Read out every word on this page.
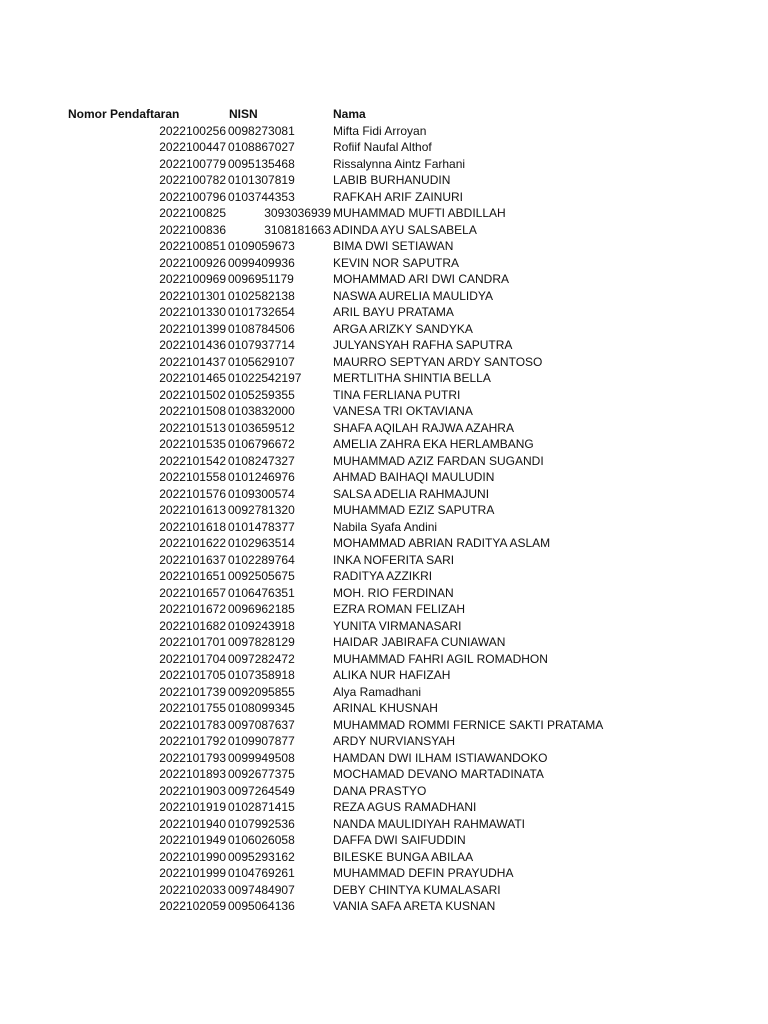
Nomor Pendaftaran	NISN	Nama
2022100256 0098273081	Mifta Fidi Arroyan
2022100447 0108867027	Rofiif Naufal Althof
2022100779 0095135468	Rissalynna Aintz Farhani
2022100782 0101307819	LABIB BURHANUDIN
2022100796 0103744353	RAFKAH ARIF ZAINURI
2022100825	3093036939 MUHAMMAD MUFTI ABDILLAH
2022100836	3108181663 ADINDA AYU SALSABELA
2022100851 0109059673	BIMA DWI SETIAWAN
2022100926 0099409936	KEVIN NOR SAPUTRA
2022100969 0096951179	MOHAMMAD ARI DWI CANDRA
2022101301 0102582138	NASWA AURELIA MAULIDYA
2022101330 0101732654	ARIL BAYU PRATAMA
2022101399 0108784506	ARGA ARIZKY SANDYKA
2022101436 0107937714	JULYANSYAH RAFHA SAPUTRA
2022101437 0105629107	MAURRO SEPTYAN ARDY SANTOSO
2022101465 01022542197	MERTLITHA SHINTIA BELLA
2022101502 0105259355	TINA FERLIANA PUTRI
2022101508 0103832000	VANESA TRI OKTAVIANA
2022101513 0103659512	SHAFA AQILAH RAJWA AZAHRA
2022101535 0106796672	AMELIA ZAHRA EKA HERLAMBANG
2022101542 0108247327	MUHAMMAD AZIZ FARDAN SUGANDI
2022101558 0101246976	AHMAD BAIHAQI MAULUDIN
2022101576 0109300574	SALSA ADELIA RAHMAJUNI
2022101613 0092781320	MUHAMMAD EZIZ SAPUTRA
2022101618 0101478377	Nabila Syafa Andini
2022101622 0102963514	MOHAMMAD ABRIAN RADITYA ASLAM
2022101637 0102289764	INKA NOFERITA SARI
2022101651 0092505675	RADITYA AZZIKRI
2022101657 0106476351	MOH. RIO FERDINAN
2022101672 0096962185	EZRA ROMAN FELIZAH
2022101682 0109243918	YUNITA VIRMANASARI
2022101701 0097828129	HAIDAR JABIRAFA CUNIAWAN
2022101704 0097282472	MUHAMMAD FAHRI AGIL ROMADHON
2022101705 0107358918	ALIKA NUR HAFIZAH
2022101739 0092095855	Alya Ramadhani
2022101755 0108099345	ARINAL KHUSNAH
2022101783 0097087637	MUHAMMAD ROMMI FERNICE SAKTI PRATAMA
2022101792 0109907877	ARDY NURVIANSYAH
2022101793 0099949508	HAMDAN DWI ILHAM ISTIAWANDOKO
2022101893 0092677375	MOCHAMAD DEVANO MARTADINATA
2022101903 0097264549	DANA PRASTYO
2022101919 0102871415	REZA AGUS RAMADHANI
2022101940 0107992536	NANDA MAULIDIYAH RAHMAWATI
2022101949 0106026058	DAFFA DWI SAIFUDDIN
2022101990 0095293162	BILESKE BUNGA ABILAA
2022101999 0104769261	MUHAMMAD DEFIN PRAYUDHA
2022102033 0097484907	DEBY CHINTYA KUMALASARI
2022102059 0095064136	VANIA SAFA ARETA KUSNAN
